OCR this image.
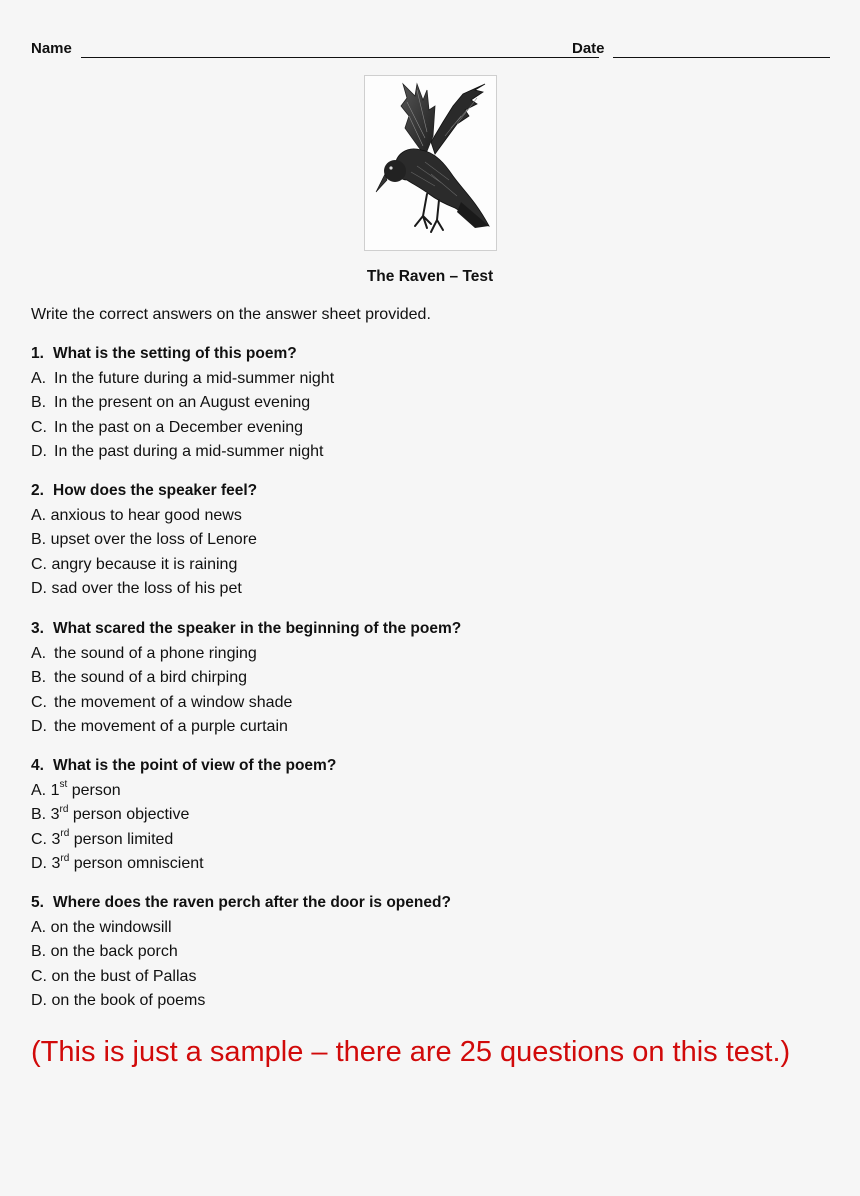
Name	Date
The Raven – Test
Write the correct answers on the answer sheet provided.
1. What is the setting of this poem?
A. In the future during a mid-summer night
B. In the present on an August evening
C. In the past on a December evening
D. In the past during a mid-summer night
2. How does the speaker feel?
A. anxious to hear good news
B. upset over the loss of Lenore
C. angry because it is raining
D. sad over the loss of his pet
3. What scared the speaker in the beginning of the poem?
A. the sound of a phone ringing
B. the sound of a bird chirping
C. the movement of a window shade
D. the movement of a purple curtain
4. What is the point of view of the poem?
A. 1st person
B. 3rd person objective
C. 3rd person limited
D. 3rd person omniscient
5. Where does the raven perch after the door is opened?
A. on the windowsill
B. on the back porch
C. on the bust of Pallas
D. on the book of poems
(This is just a sample – there are 25 questions on this test.)
